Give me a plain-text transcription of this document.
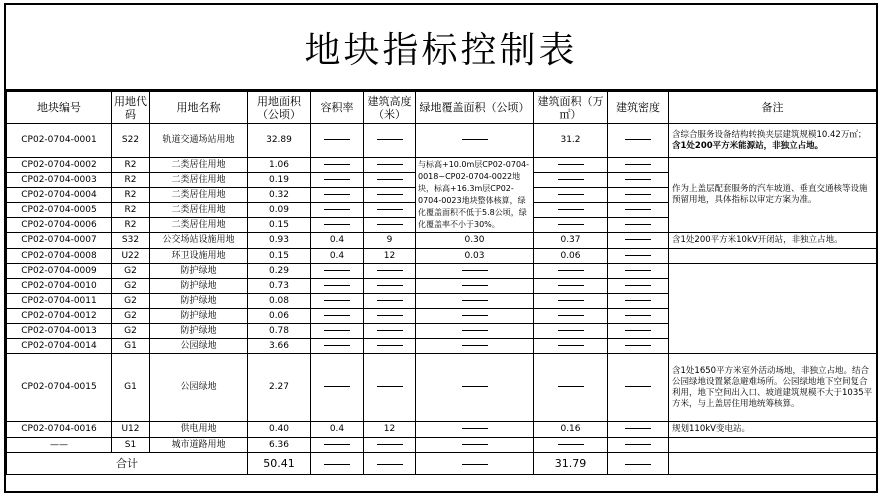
地块指标控制表
地块编号	用地代码	用地名称	用地面积（公顷）	容积率	建筑高度（米）	绿地覆盖面积（公顷）	建筑面积（万㎡）	建筑密度	备注
CP02-0704-0001	S22	轨道交通场站用地	32.89				31.2		含综合服务设备结构转换夹层建筑规模10.42万㎡；含1处200平方米能源站，非独立占地。
CP02-0704-0002	R2	二类居住用地	1.06			与标高+10.0m层CP02-0704-0018~CP02-0704-0022地块，标高+16.3m层CP02-0704-0023地块整体核算，绿化覆盖面积不低于5.8公顷，绿化覆盖率不小于30%。			作为上盖层配套服务的汽车坡道、垂直交通核等设施预留用地，具体指标以审定方案为准。
CP02-0704-0003	R2	二类居住用地	0.19						
CP02-0704-0004	R2	二类居住用地	0.32						
CP02-0704-0005	R2	二类居住用地	0.09						
CP02-0704-0006	R2	二类居住用地	0.15						
CP02-0704-0007	S32	公交场站设施用地	0.93	0.4	9	0.30	0.37		含1处200平方米10kV开闭站，非独立占地。
CP02-0704-0008	U22	环卫设施用地	0.15	0.4	12	0.03	0.06		
CP02-0704-0009	G2	防护绿地	0.29						
CP02-0704-0010	G2	防护绿地	0.73						
CP02-0704-0011	G2	防护绿地	0.08						
CP02-0704-0012	G2	防护绿地	0.06						
CP02-0704-0013	G2	防护绿地	0.78						
CP02-0704-0014	G1	公园绿地	3.66						
CP02-0704-0015	G1	公园绿地	2.27						含1处1650平方米室外活动场地，非独立占地。结合公园绿地设置紧急避难场所。公园绿地地下空间复合利用，地下空间出入口、坡道建筑规模不大于1035平方米，与上盖居住用地统筹核算。
CP02-0704-0016	U12	供电用地	0.40	0.4	12		0.16		规划110kV变电站。
——	S1	城市道路用地	6.36						
合计			50.41				31.79		
